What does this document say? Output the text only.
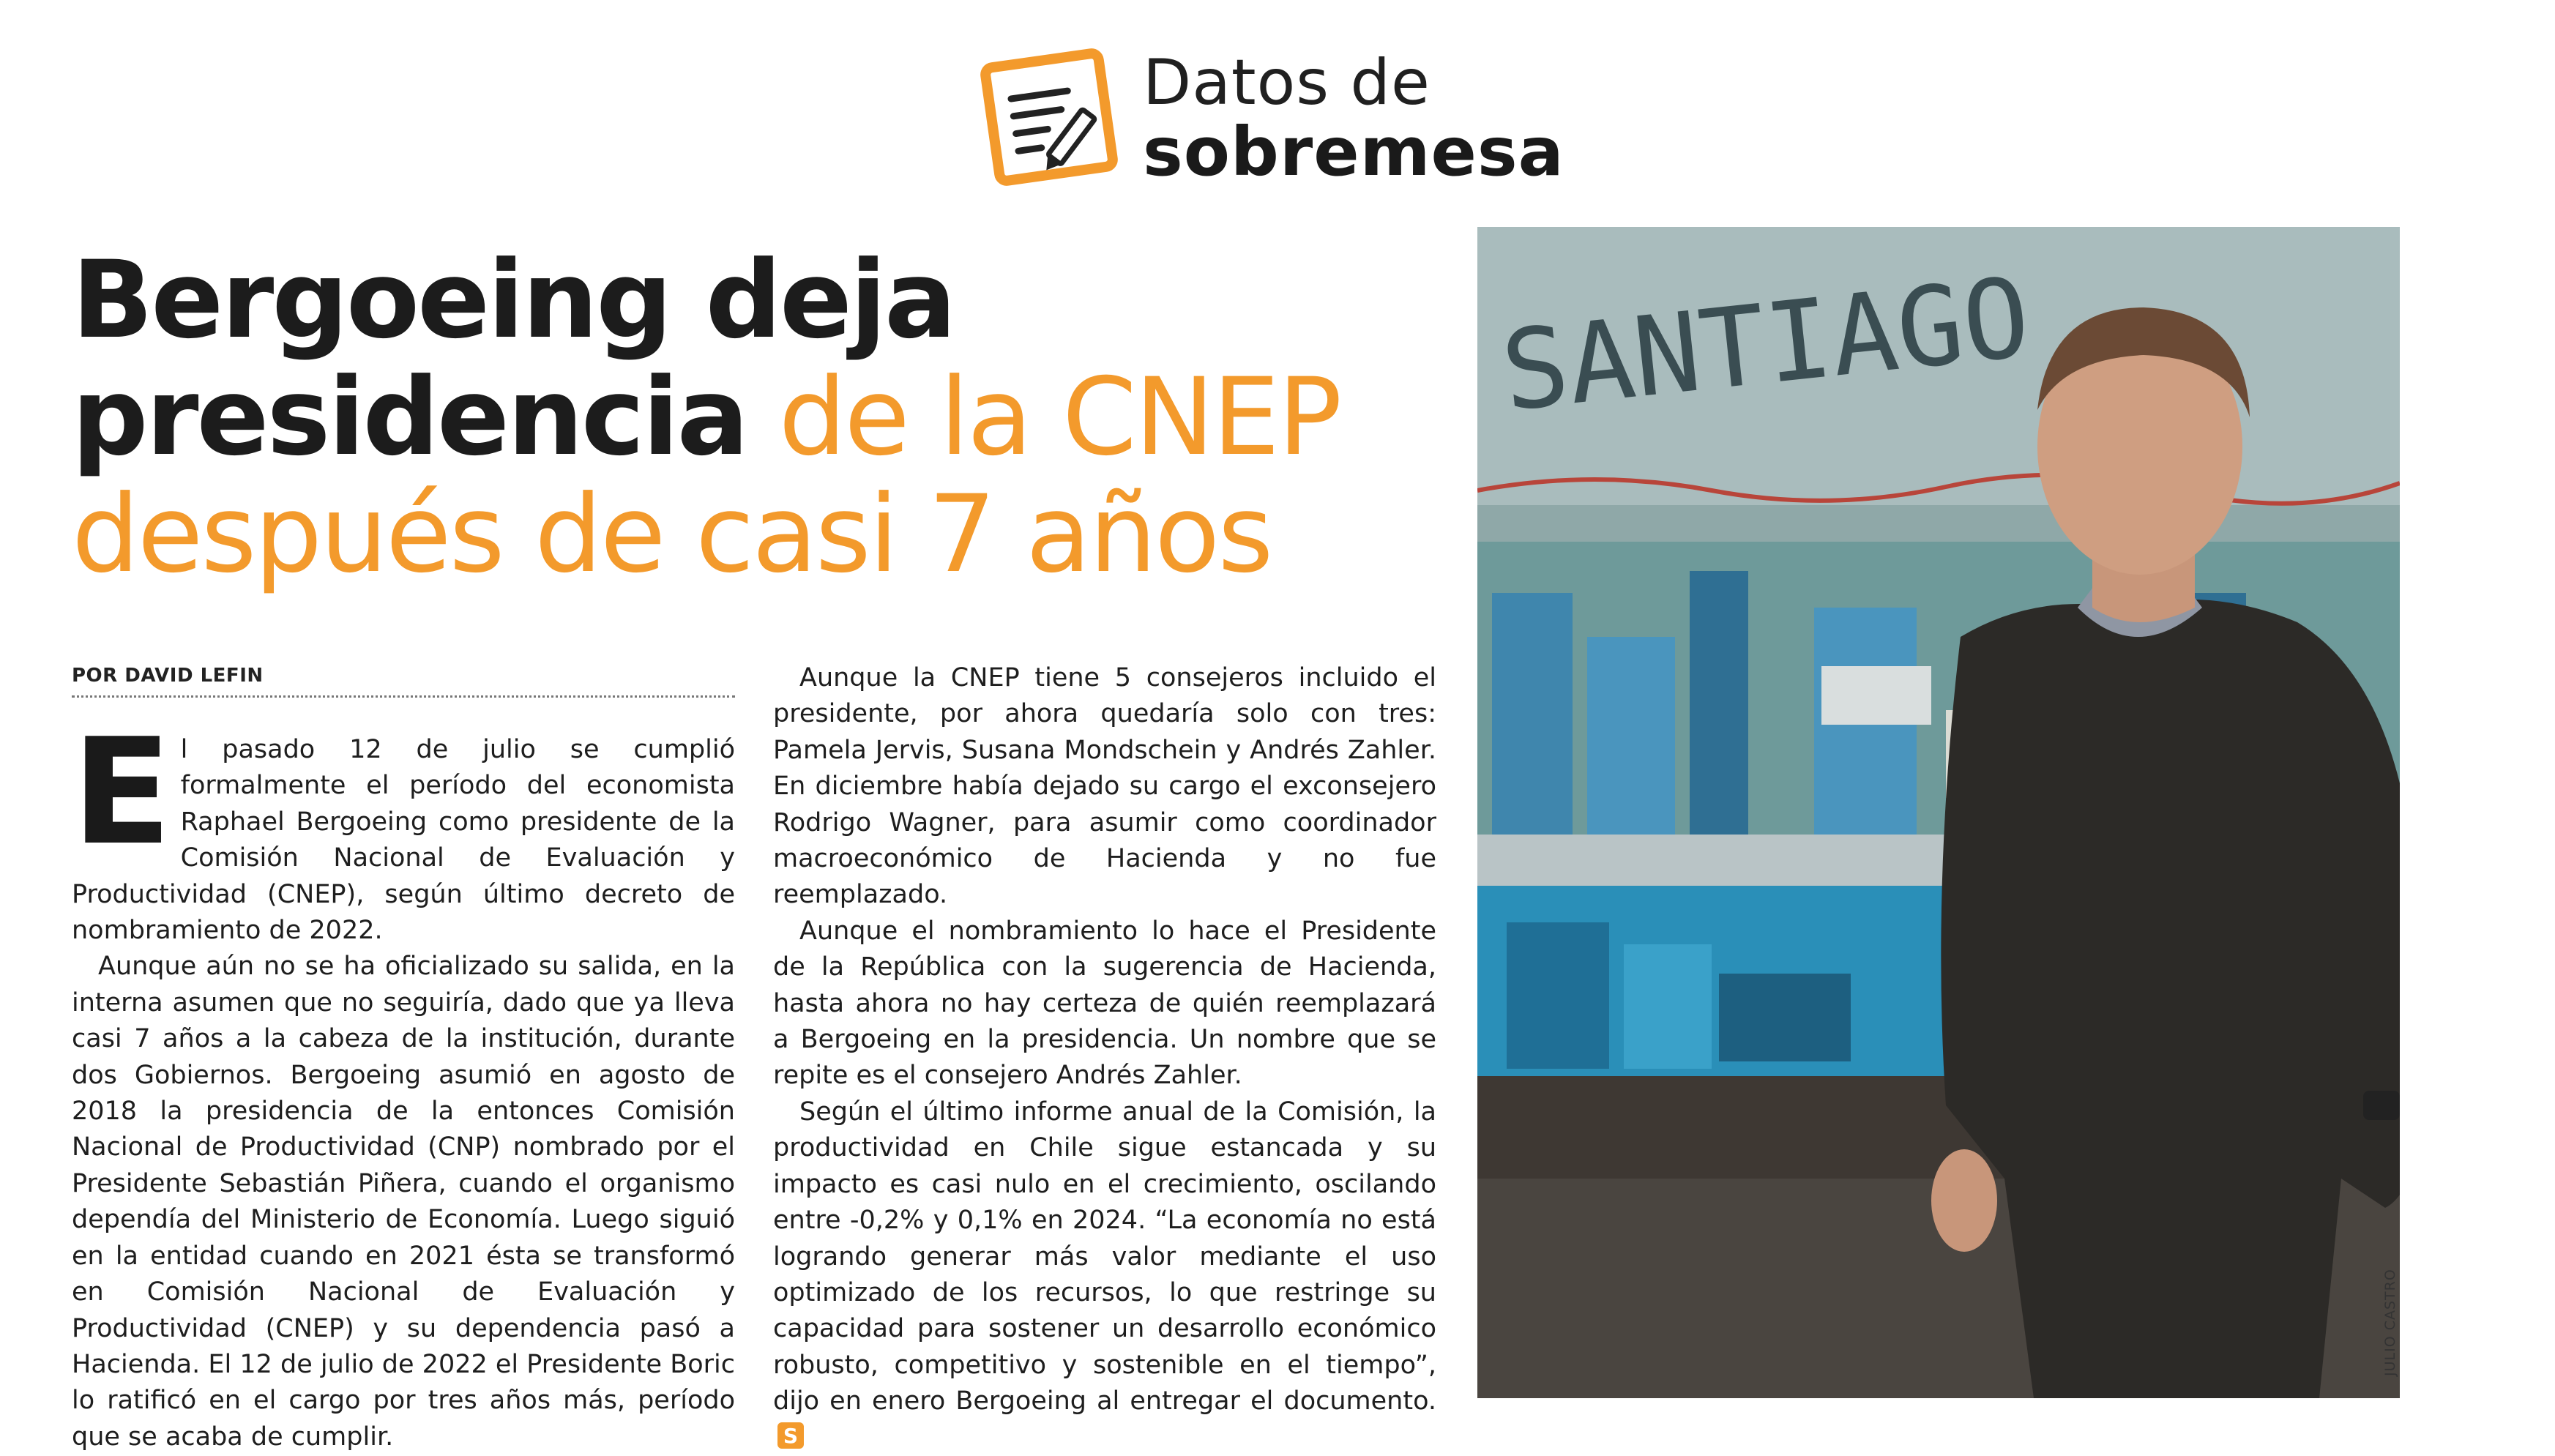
Datos de
sobremesa
Bergoeing deja
presidencia de la CNEP
después de casi 7 años
POR DAVID LEFIN

El pasado 12 de julio se cumplió formalmente el período del economista Raphael Bergoeing como presidente de la Comisión Nacional de Evaluación y Productividad (CNEP), según último decreto de nombramiento de 2022.

Aunque aún no se ha oficializado su salida, en la interna asumen que no seguiría, dado que ya lleva casi 7 años a la cabeza de la institución, durante dos Gobiernos. Bergoeing asumió en agosto de 2018 la presidencia de la entonces Comisión Nacional de Productividad (CNP) nombrado por el Presidente Sebastián Piñera, cuando el organismo dependía del Ministerio de Economía. Luego siguió en la entidad cuando en 2021 ésta se transformó en Comisión Nacional de Evaluación y Productividad (CNEP) y su dependencia pasó a Hacienda. El 12 de julio de 2022 el Presidente Boric lo ratificó en el cargo por tres años más, período que se acaba de cumplir.

Aunque la CNEP tiene 5 consejeros incluido el presidente, por ahora quedaría solo con tres: Pamela Jervis, Susana Mondschein y Andrés Zahler. En diciembre había dejado su cargo el exconsejero Rodrigo Wagner, para asumir como coordinador macroeconómico de Hacienda y no fue reemplazado.

Aunque el nombramiento lo hace el Presidente de la República con la sugerencia de Hacienda, hasta ahora no hay certeza de quién reemplazará a Bergoeing en la presidencia. Un nombre que se repite es el consejero Andrés Zahler.

Según el último informe anual de la Comisión, la productividad en Chile sigue estancada y su impacto es casi nulo en el crecimiento, oscilando entre -0,2% y 0,1% en 2024. “La economía no está logrando generar más valor mediante el uso optimizado de los recursos, lo que restringe su capacidad para sostener un desarrollo económico robusto, competitivo y sostenible en el tiempo”, dijo en enero Bergoeing al entregar el documento.
S

SANTIAGO
JULIO CASTRO
